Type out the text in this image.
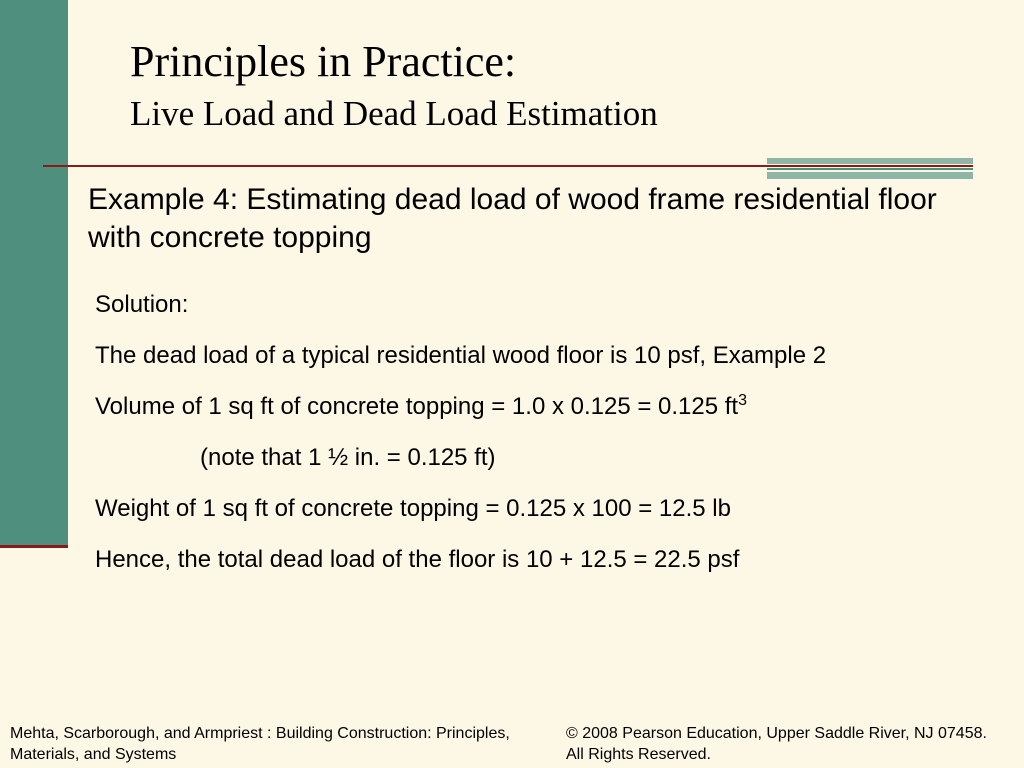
Principles in Practice:
Live Load and Dead Load Estimation
Example 4: Estimating dead load of wood frame residential floor with concrete topping
Solution:
The dead load of a typical residential wood floor is 10 psf, Example 2
Volume of 1 sq ft of concrete topping = 1.0 x 0.125 = 0.125 $ft^3$
(note that 1 ½ in. = 0.125 ft)
Weight of 1 sq ft of concrete topping = 0.125 x 100 = 12.5 lb
Hence, the total dead load of the floor is 10 + 12.5 = 22.5 psf
Mehta, Scarborough, and Armpriest : Building Construction: Principles,
Materials, and Systems
© 2008 Pearson Education, Upper Saddle River, NJ 07458.
All Rights Reserved.
